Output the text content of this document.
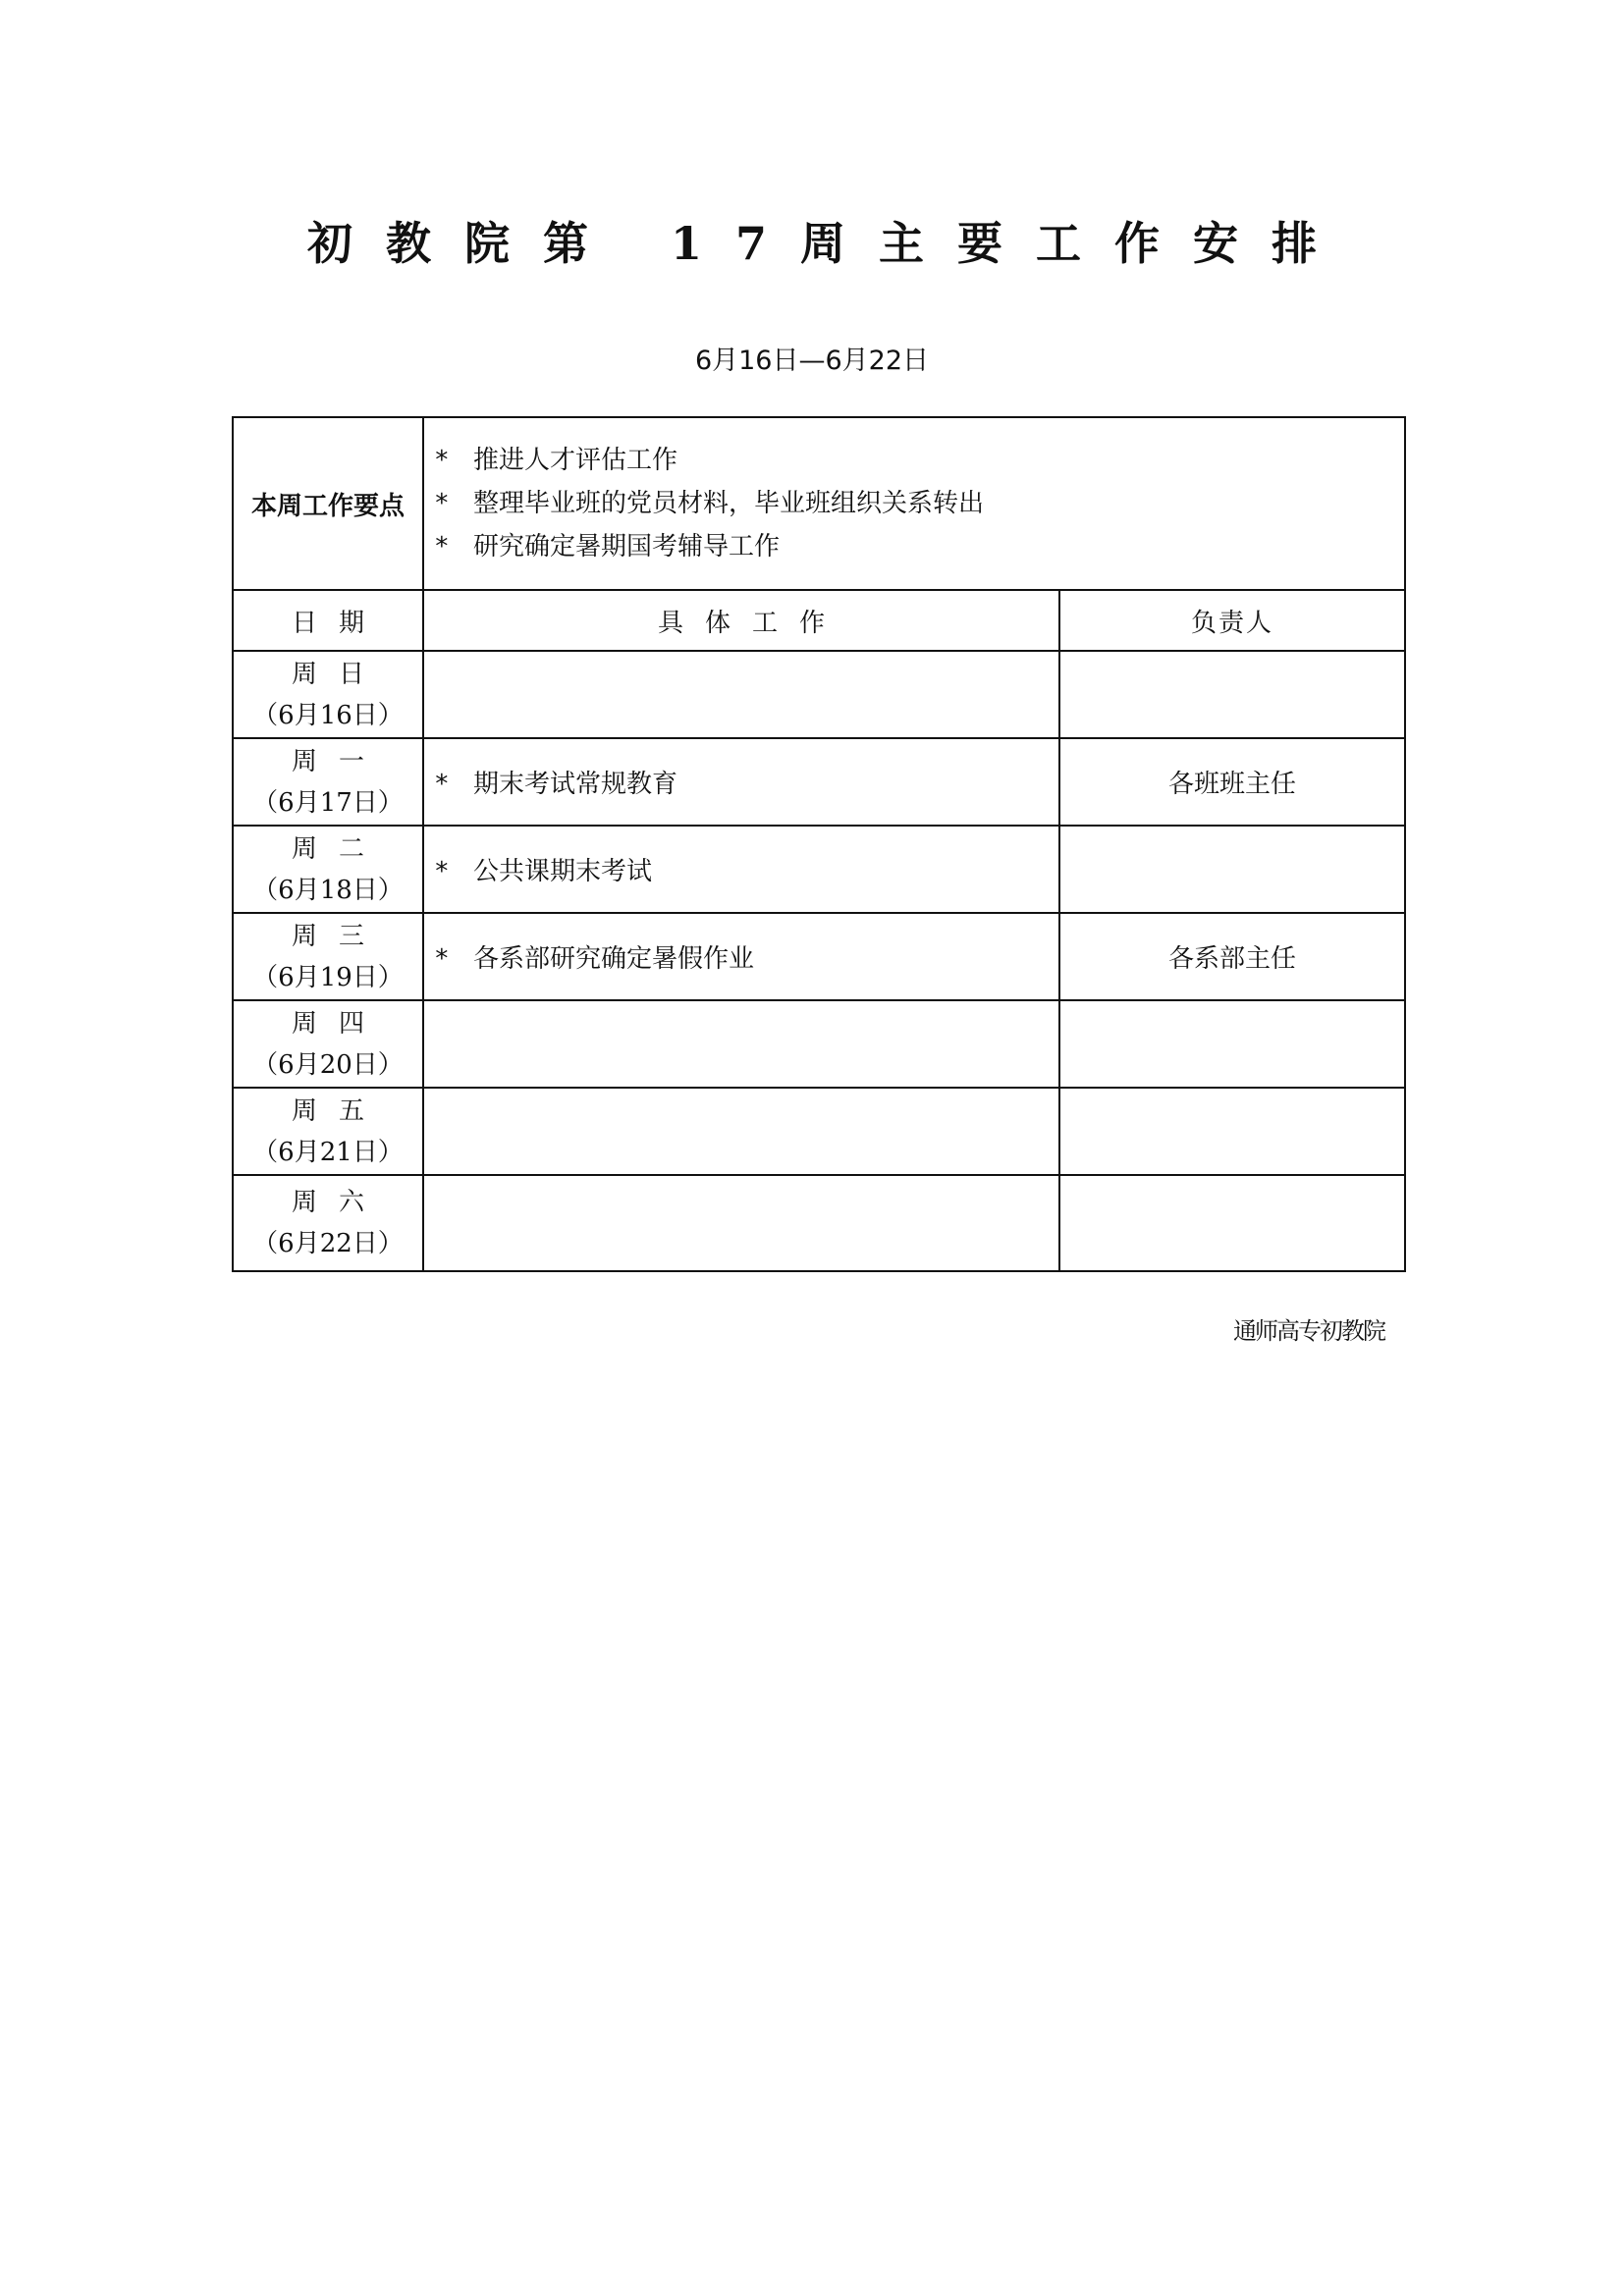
初教院第 17周主要工作安排
6月16日—6月22日
本周工作要点	* 推进人才评估工作
* 整理毕业班的党员材料，毕业班组织关系转出
* 研究确定暑期国考辅导工作	

日期	具体工作	负责人

周日
（6月16日）		

周一
（6月17日）	* 期末考试常规教育	各班班主任

周二
（6月18日）	* 公共课期末考试	

周三
（6月19日）	* 各系部研究确定暑假作业	各系部主任

周四
（6月20日）		

周五
（6月21日）		

周六
（6月22日）		

通师高专初教院
